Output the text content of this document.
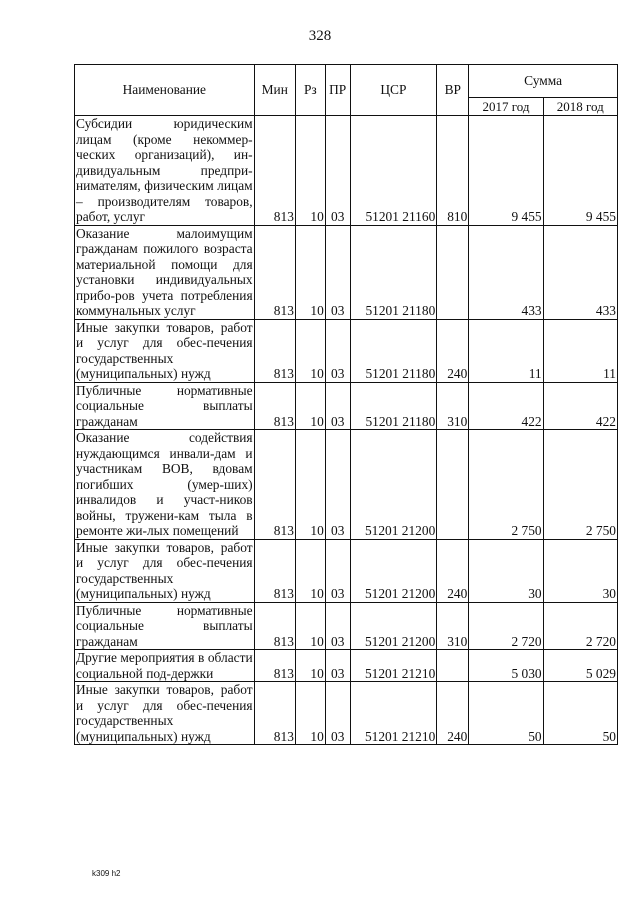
328
Наименование	Мин	Рз	ПР	ЦСР	ВР	Сумма	
						2017 год	2018 год
Субсидии юридическим лицам (кроме некоммер-ческих организаций), ин-дивидуальным предпри-нимателям, физическим лицам – производителям товаров, работ, услуг	813	10	03	51201 21160	810	9 455	9 455
Оказание малоимущим гражданам пожилого возраста материальной помощи для установки индивидуальных прибо-ров учета потребления коммунальных услуг	813	10	03	51201 21180		433	433
Иные закупки товаров, работ и услуг для обес-печения государственных (муниципальных) нужд	813	10	03	51201 21180	240	11	11
Публичные нормативные социальные выплаты гражданам	813	10	03	51201 21180	310	422	422
Оказание содействия нуждающимся инвали-дам и участникам ВОВ, вдовам погибших (умер-ших) инвалидов и участ-ников войны, тружени-кам тыла в ремонте жи-лых помещений	813	10	03	51201 21200		2 750	2 750
Иные закупки товаров, работ и услуг для обес-печения государственных (муниципальных) нужд	813	10	03	51201 21200	240	30	30
Публичные нормативные социальные выплаты гражданам	813	10	03	51201 21200	310	2 720	2 720
Другие мероприятия в области социальной под-держки	813	10	03	51201 21210		5 030	5 029
Иные закупки товаров, работ и услуг для обес-печения государственных (муниципальных) нужд	813	10	03	51201 21210	240	50	50
k309 h2
